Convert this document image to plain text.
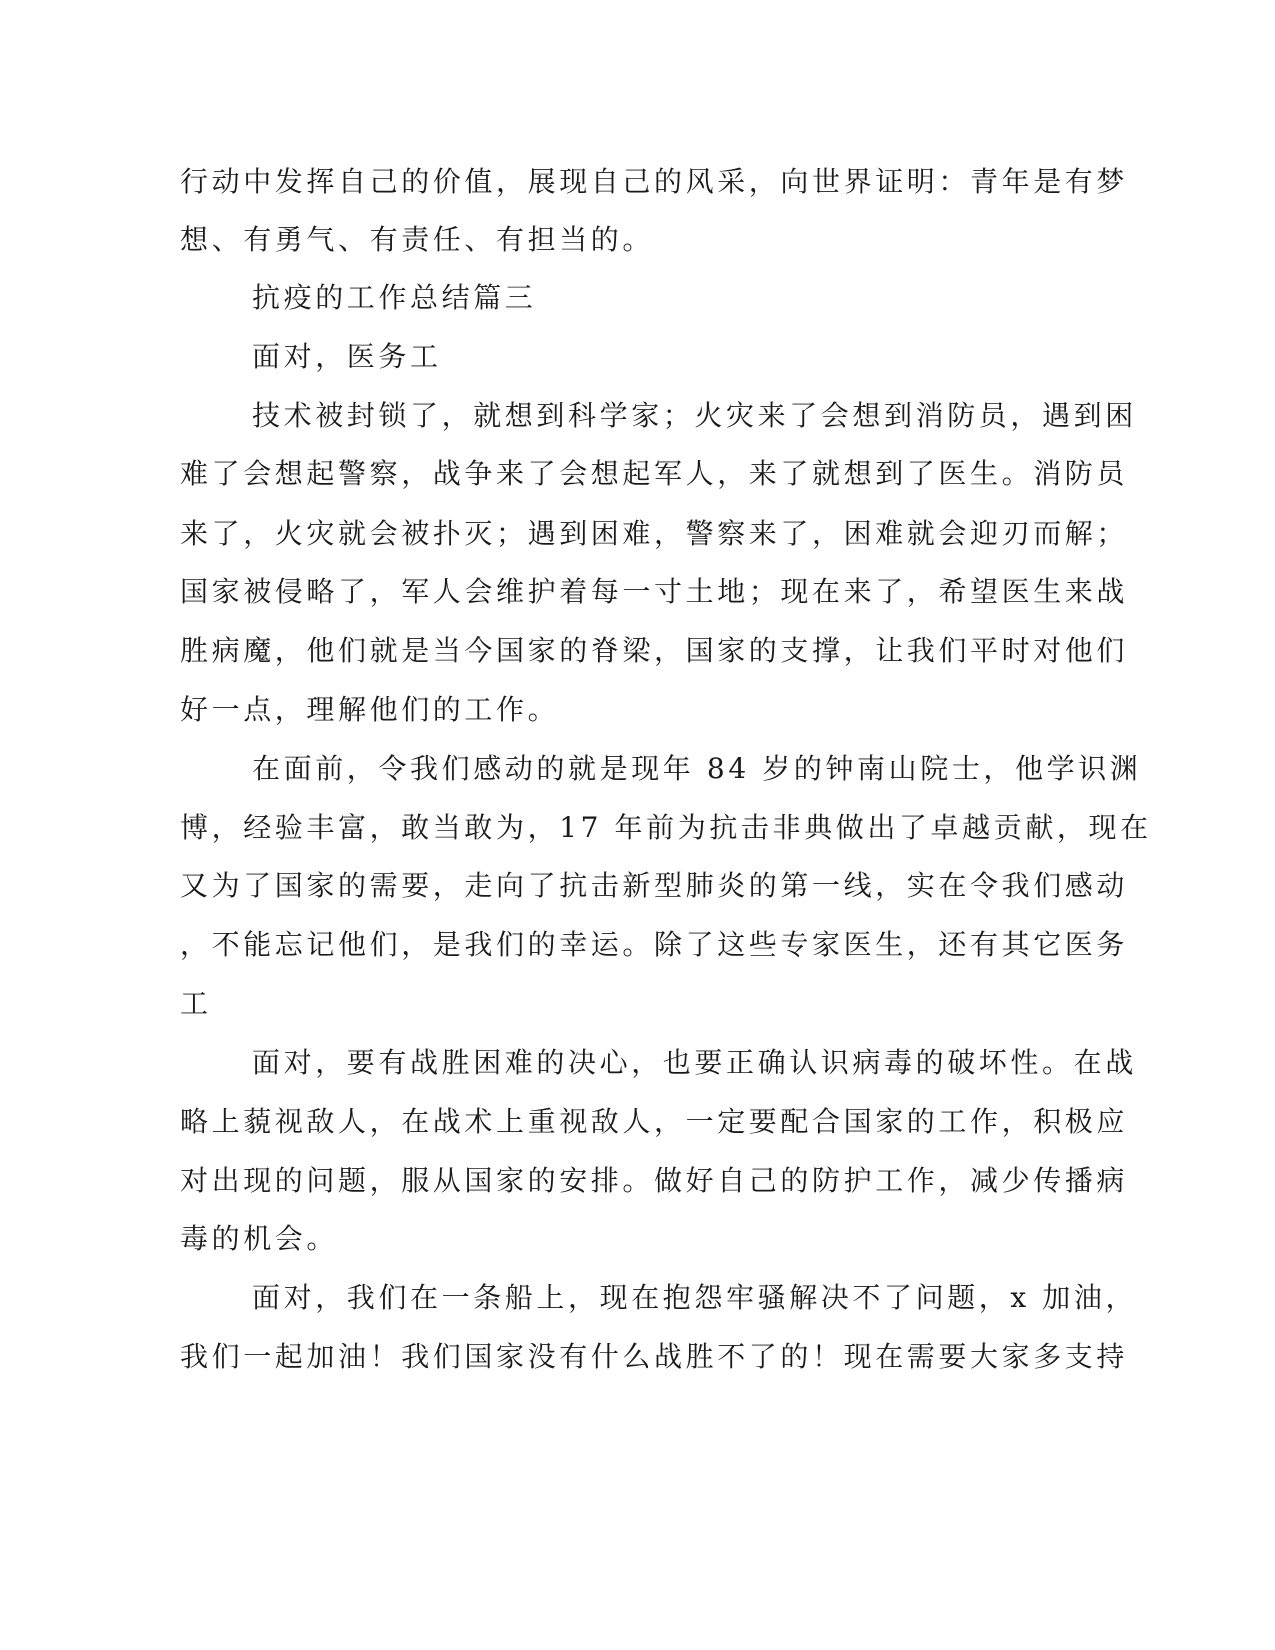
行动中发挥自己的价值，展现自己的风采，向世界证明：青年是有梦
想、有勇气、有责任、有担当的。
抗疫的工作总结篇三
面对，医务工
技术被封锁了，就想到科学家；火灾来了会想到消防员，遇到困
难了会想起警察，战争来了会想起军人，来了就想到了医生。消防员
来了，火灾就会被扑灭；遇到困难，警察来了，困难就会迎刃而解；
国家被侵略了，军人会维护着每一寸土地；现在来了，希望医生来战
胜病魔，他们就是当今国家的脊梁，国家的支撑，让我们平时对他们
好一点，理解他们的工作。
在面前，令我们感动的就是现年 84 岁的钟南山院士，他学识渊
博，经验丰富，敢当敢为，17 年前为抗击非典做出了卓越贡献，现在
又为了国家的需要，走向了抗击新型肺炎的第一线，实在令我们感动
，不能忘记他们，是我们的幸运。除了这些专家医生，还有其它医务
工
面对，要有战胜困难的决心，也要正确认识病毒的破坏性。在战
略上藐视敌人，在战术上重视敌人，一定要配合国家的工作，积极应
对出现的问题，服从国家的安排。做好自己的防护工作，减少传播病
毒的机会。
面对，我们在一条船上，现在抱怨牢骚解决不了问题，x 加油，
我们一起加油！我们国家没有什么战胜不了的！现在需要大家多支持
